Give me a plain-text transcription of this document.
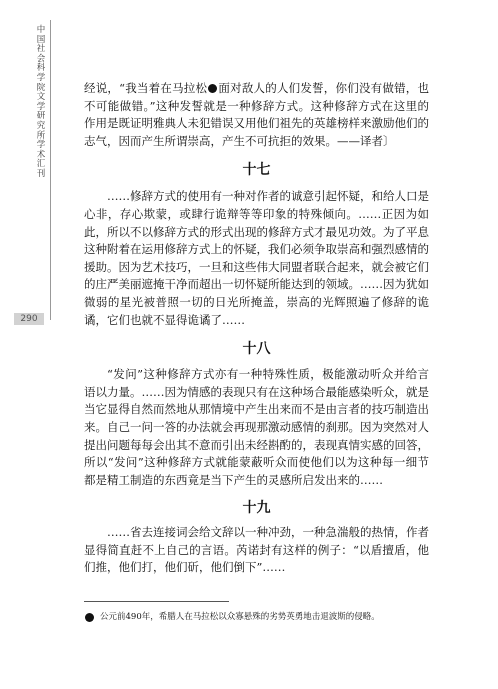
中国社会科学院文学研究所学术汇刊
290

经说，“我当着在马拉松 面对敌人的人们发誓，你们没有做错，也不可能做错。”这种发誓就是一种修辞方式。这种修辞方式在这里的作用是既证明雅典人未犯错误又用他们祖先的英雄榜样来激励他们的志气，因而产生所谓崇高，产生不可抗拒的效果。——译者〕

十七

……修辞方式的使用有一种对作者的诚意引起怀疑，和给人口是心非，存心欺蒙，或肆行诡辩等等印象的特殊倾向。……正因为如此，所以不以修辞方式的形式出现的修辞方式才最见功效。为了平息这种附着在运用修辞方式上的怀疑，我们必须争取崇高和强烈感情的援助。因为艺术技巧，一旦和这些伟大同盟者联合起来，就会被它们的庄严美丽遮掩干净而超出一切怀疑所能达到的领域。……因为犹如微弱的星光被普照一切的日光所掩盖，崇高的光辉照遍了修辞的诡谲，它们也就不显得诡谲了……

十八

“发问”这种修辞方式亦有一种特殊性质，极能激动听众并给言语以力量。……因为情感的表现只有在这种场合最能感染听众，就是当它显得自然而然地从那情境中产生出来而不是由言者的技巧制造出来。自己一问一答的办法就会再现那激动感情的刹那。因为突然对人提出问题每每会出其不意而引出未经斟酌的，表现真情实感的回答，所以“发问”这种修辞方式就能蒙蔽听众而使他们以为这种每一细节都是精工制造的东西竟是当下产生的灵感所启发出来的……

十九

……省去连接词会给文辞以一种冲劲，一种急湍般的热情，作者显得简直赶不上自己的言语。芮诺封有这样的例子：“以盾擅盾，他们推，他们打，他们斫，他们倒下”……

公元前490年，希腊人在马拉松以众寡悬殊的劣势英勇地击退波斯的侵略。
